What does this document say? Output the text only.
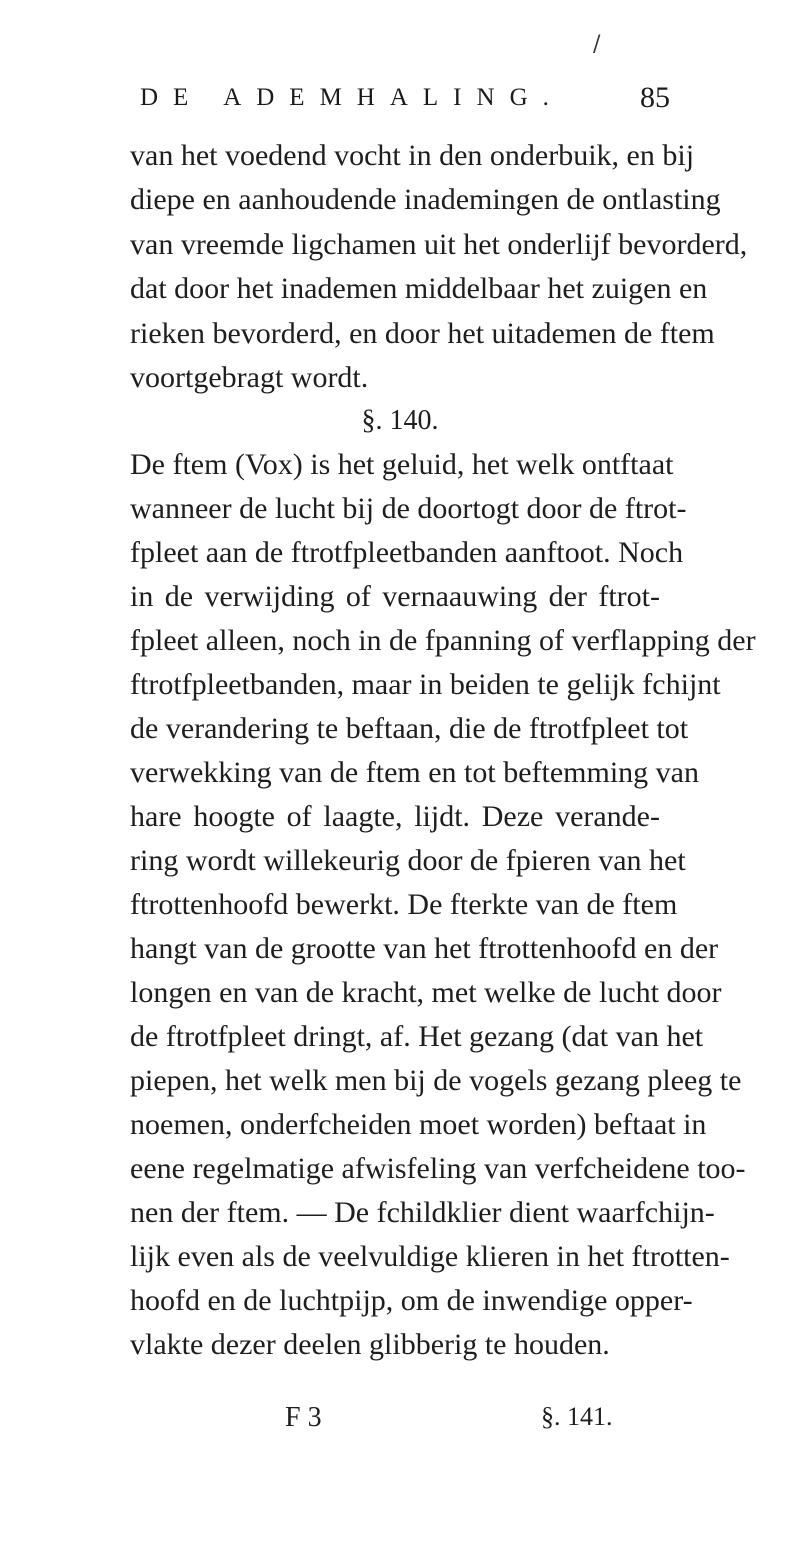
/
DE ADEMHALING.	85
van het voedend vocht in den onderbuik, en bij
diepe en aanhoudende inademingen de ontlasting
van vreemde ligchamen uit het onderlijf bevorderd,
dat door het inademen middelbaar het zuigen en
rieken bevorderd, en door het uitademen de ftem
voortgebragt wordt.
§. 140.
De ftem (Vox) is het geluid, het welk ontftaat
wanneer de lucht bij de doortogt door de ftrot-
fpleet aan de ftrotfpleetbanden aanftoot. Noch
in de verwijding of vernaauwing der ftrot-
fpleet alleen, noch in de fpanning of verflapping der
ftrotfpleetbanden, maar in beiden te gelijk fchijnt
de verandering te beftaan, die de ftrotfpleet tot
verwekking van de ftem en tot beftemming van
hare hoogte of laagte, lijdt. Deze verande-
ring wordt willekeurig door de fpieren van het
ftrottenhoofd bewerkt. De fterkte van de ftem
hangt van de grootte van het ftrottenhoofd en der
longen en van de kracht, met welke de lucht door
de ftrotfpleet dringt, af. Het gezang (dat van het
piepen, het welk men bij de vogels gezang pleeg te
noemen, onderfcheiden moet worden) beftaat in
eene regelmatige afwisfeling van verfcheidene too-
nen der ftem. — De fchildklier dient waarfchijn-
lijk even als de veelvuldige klieren in het ftrotten-
hoofd en de luchtpijp, om de inwendige opper-
vlakte dezer deelen glibberig te houden.
F 3	§. 141.
